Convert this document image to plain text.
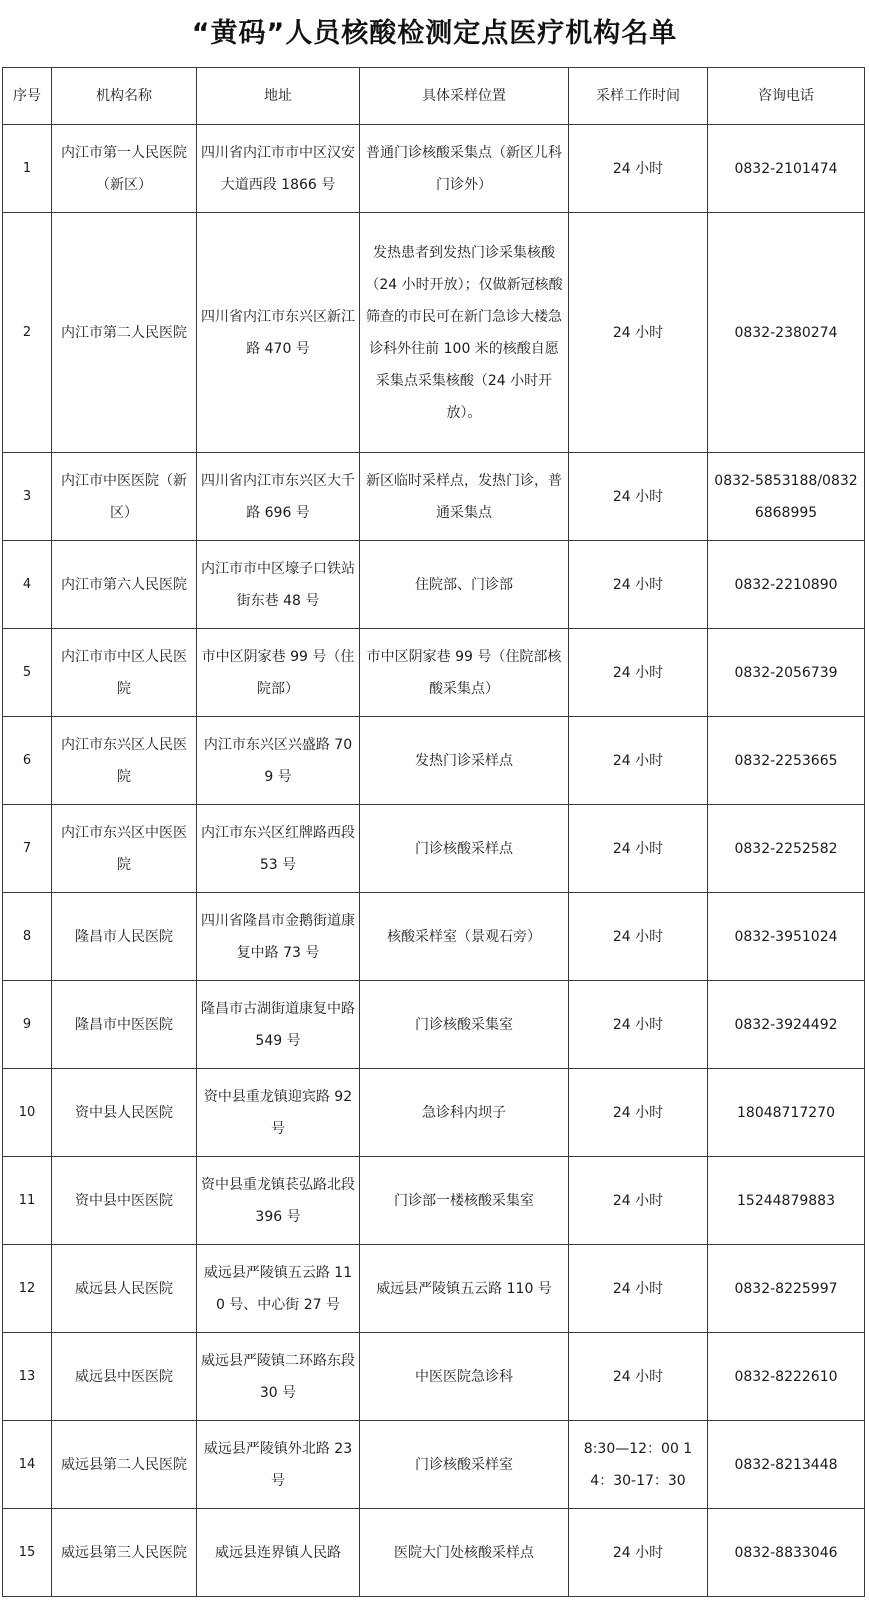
“黄码”人员核酸检测定点医疗机构名单
序号	机构名称	地址	具体采样位置	采样工作时间	咨询电话
1	内江市第一人民医院（新区）	四川省内江市市中区汉安大道西段 1866 号	普通门诊核酸采集点（新区儿科门诊外）	24 小时	0832-2101474
2	内江市第二人民医院	四川省内江市东兴区新江路 470 号	发热患者到发热门诊采集核酸（24 小时开放）；仅做新冠核酸筛查的市民可在新门急诊大楼急诊科外往前 100 米的核酸自愿采集点采集核酸（24 小时开放）。	24 小时	0832-2380274
3	内江市中医医院（新区）	四川省内江市东兴区大千路 696 号	新区临时采样点，发热门诊，普通采集点	24 小时	0832-5853188/08326868995
4	内江市第六人民医院	内江市市中区壕子口铁站街东巷 48 号	住院部、门诊部	24 小时	0832-2210890
5	内江市市中区人民医院	市中区阴家巷 99 号（住院部）	市中区阴家巷 99 号（住院部核酸采集点）	24 小时	0832-2056739
6	内江市东兴区人民医院	内江市东兴区兴盛路 709 号	发热门诊采样点	24 小时	0832-2253665
7	内江市东兴区中医医院	内江市东兴区红牌路西段 53 号	门诊核酸采样点	24 小时	0832-2252582
8	隆昌市人民医院	四川省隆昌市金鹅街道康复中路 73 号	核酸采样室（景观石旁）	24 小时	0832-3951024
9	隆昌市中医医院	隆昌市古湖街道康复中路 549 号	门诊核酸采集室	24 小时	0832-3924492
10	资中县人民医院	资中县重龙镇迎宾路 92 号	急诊科内坝子	24 小时	18048717270
11	资中县中医医院	资中县重龙镇苌弘路北段 396 号	门诊部一楼核酸采集室	24 小时	15244879883
12	威远县人民医院	威远县严陵镇五云路 110 号、中心街 27 号	威远县严陵镇五云路 110 号	24 小时	0832-8225997
13	威远县中医医院	威远县严陵镇二环路东段 30 号	中医医院急诊科	24 小时	0832-8222610
14	威远县第二人民医院	威远县严陵镇外北路 23 号	门诊核酸采样室	8:30—12：00 14：30-17：30	0832-8213448
15	威远县第三人民医院	威远县连界镇人民路	医院大门处核酸采样点	24 小时	0832-8833046
